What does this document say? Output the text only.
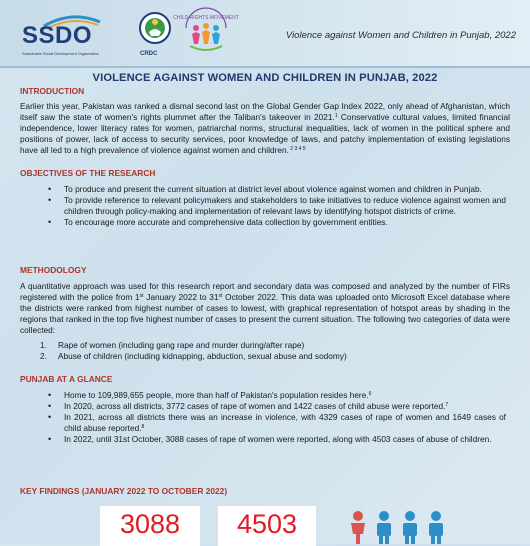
SSDO
Sustainable Social Development Organization	CRDC
CHILD RIGHTS MOVEMENT
Violence against Women and Children in Punjab, 2022
VIOLENCE AGAINST WOMEN AND CHILDREN IN PUNJAB, 2022
INTRODUCTION

Earlier this year, Pakistan was ranked a dismal second last on the Global Gender Gap Index 2022, only ahead of Afghanistan, which itself saw the state of women's rights plummet after the Taliban's takeover in 2021.$^1$ Conservative cultural values, limited financial independence, lower literacy rates for women, patriarchal norms, structural inequalities, lack of women in the political sphere and positions of power, lack of access to security services, poor knowledge of laws, and patchy implementation of existing legislations have all led to a high prevalence of violence against women and children. $^{2 3 4 5}$

OBJECTIVES OF THE RESEARCH
• To produce and present the current situation at district level about violence against women and children in Punjab.
• To provide reference to relevant policymakers and stakeholders to take initiatives to reduce violence against women and children through policy-making and implementation of relevant laws by identifying hotspot districts of crime.
• To encourage more accurate and comprehensive data collection by government entities.
METHODOLOGY

A quantitative approach was used for this research report and secondary data was composed and analyzed by the number of FIRs registered with the police from 1st January 2022 to 31st October 2022. This data was uploaded onto Microsoft Excel database where the districts were ranked from highest number of cases to lowest, with graphical representation of hotspot areas by shading in the regions that ranked in the top five highest number of cases to present the current situation. The following two categories of data were collected:

1. Rape of women (including gang rape and murder during/after rape)
2. Abuse of children (including kidnapping, abduction, sexual abuse and sodomy)
PUNJAB AT A GLANCE
• Home to 109,989,655 people, more than half of Pakistan's population resides here.$^6$
• In 2020, across all districts, 3772 cases of rape of women and 1422 cases of child abuse were reported.$^7$
• In 2021, across all districts there was an increase in violence, with 4329 cases of rape of women and 1649 cases of child abuse reported.$^8$
• In 2022, until 31st October, 3088 cases of rape of women were reported, along with 4503 cases of abuse of children.
KEY FINDINGS (JANUARY 2022 TO OCTOBER 2022)
3088	4503
